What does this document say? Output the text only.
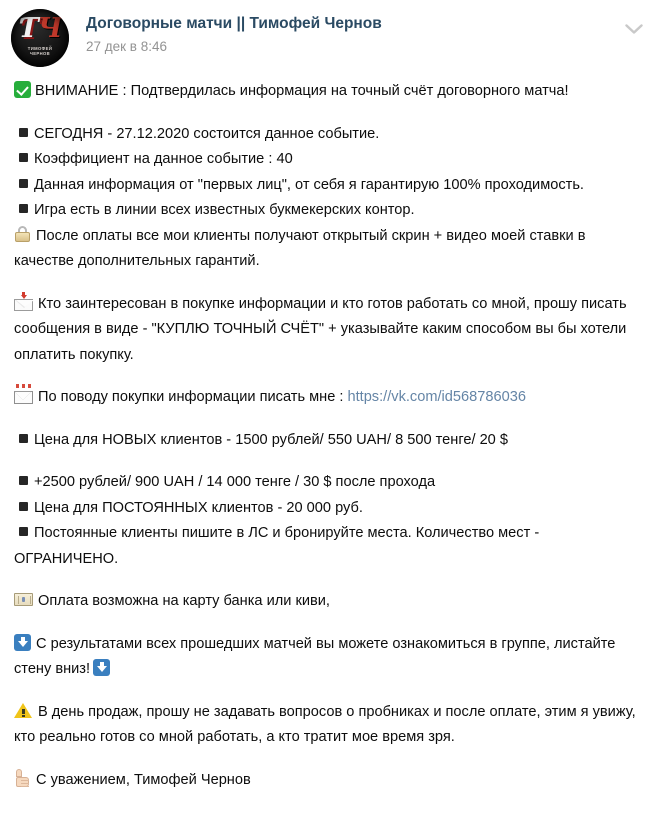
ƬЧ
ТИМОФЕЙ
ЧЕРНОВ
Договорные матчи || Тимофей Чернов
27 дек в 8:46

ВНИМАНИЕ : Подтвердилась информация на точный счёт договорного матча!

СЕГОДНЯ - 27.12.2020 состоится данное событие.

Коэффициент на данное событие : 40

Данная информация от "первых лиц", от себя я гарантирую 100% проходимость.

Игра есть в линии всех известных букмекерских контор.

После оплаты все мои клиенты получают открытый скрин + видео моей ставки в качестве дополнительных гарантий.

Кто заинтересован в покупке информации и кто готов работать со мной, прошу писать сообщения в виде - "КУПЛЮ ТОЧНЫЙ СЧЁТ" + указывайте каким способом вы бы хотели оплатить покупку.

По поводу покупки информации писать мне : https://vk.com/id568786036

Цена для НОВЫХ клиентов - 1500 рублей/ 550 UAH/ 8 500 тенге/ 20 $

+2500 рублей/ 900 UAH / 14 000 тенге / 30 $ после прохода

Цена для ПОСТОЯННЫХ клиентов - 20 000 руб.

Постоянные клиенты пишите в ЛС и бронируйте места. Количество мест - ОГРАНИЧЕНО.

Оплата возможна на карту банка или киви,

С результатами всех прошедших матчей вы можете ознакомиться в группе, листайте стену вниз!

В день продаж, прошу не задавать вопросов о пробниках и после оплате, этим я увижу, кто реально готов со мной работать, а кто тратит мое время зря.

С уважением, Тимофей Чернов
